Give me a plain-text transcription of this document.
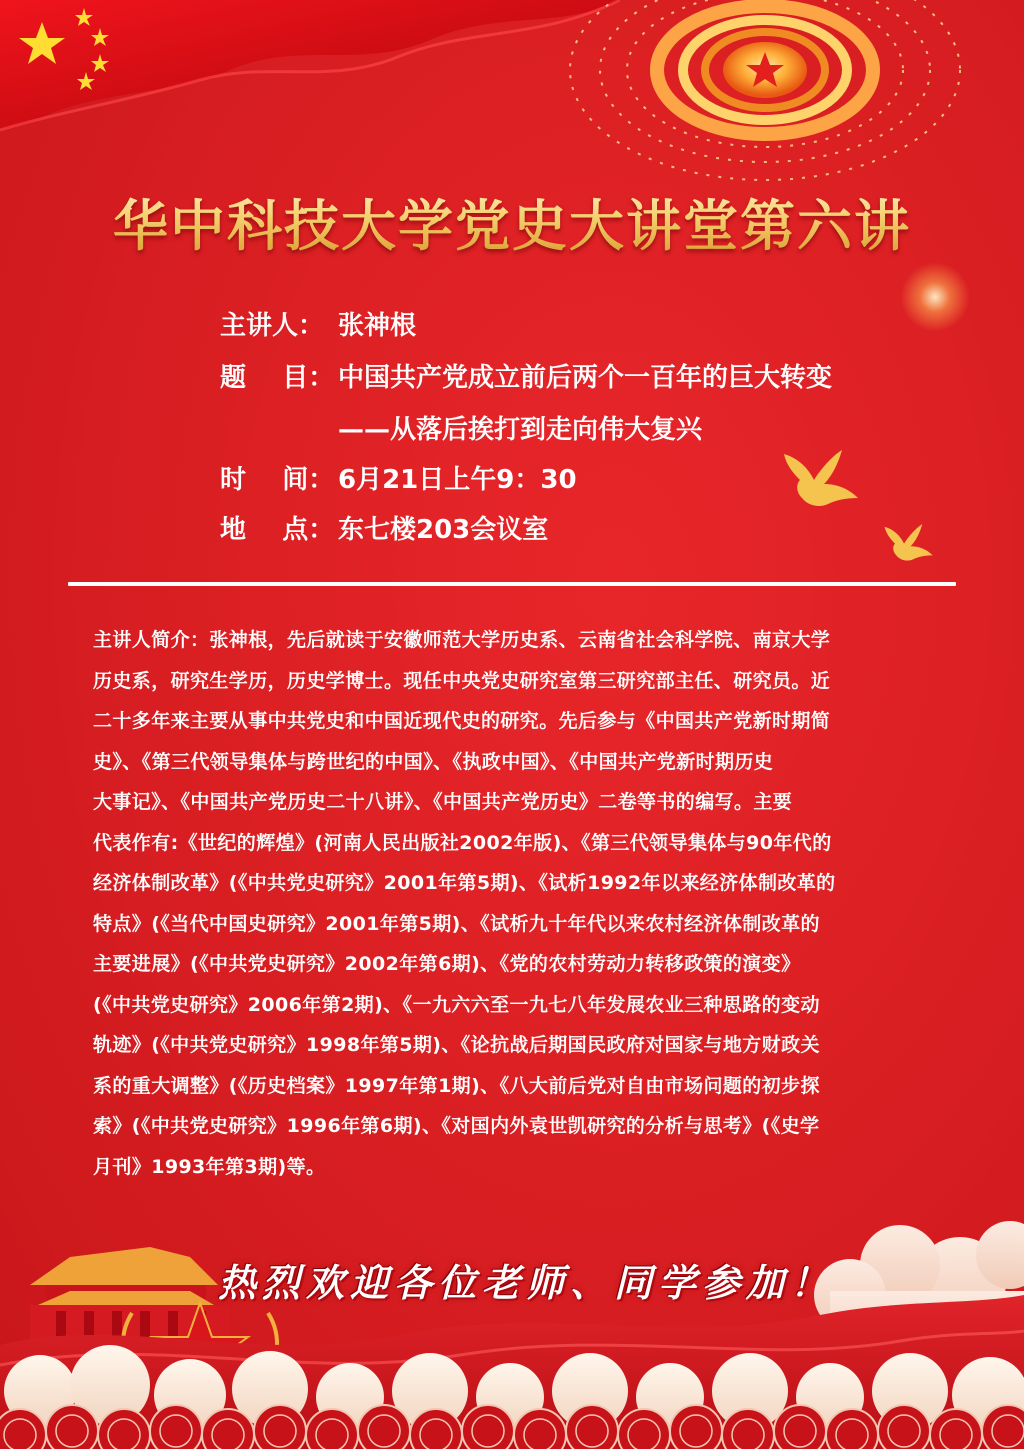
华中科技大学党史大讲堂第六讲
主讲人： 张神根
题    目： 中国共产党成立前后两个一百年的巨大转变
——从落后挨打到走向伟大复兴
时    间： 6月21日上午9：30
地    点： 东七楼203会议室
主讲人简介：张神根，先后就读于安徽师范大学历史系、云南省社会科学院、南京大学
历史系，研究生学历，历史学博士。现任中央党史研究室第三研究部主任、研究员。近
二十多年来主要从事中共党史和中国近现代史的研究。先后参与《中国共产党新时期简
史》、《第三代领导集体与跨世纪的中国》、《执政中国》、《中国共产党新时期历史
大事记》、《中国共产党历史二十八讲》、《中国共产党历史》二卷等书的编写。主要
代表作有:《世纪的辉煌》(河南人民出版社2002年版)、《第三代领导集体与90年代的
经济体制改革》(《中共党史研究》2001年第5期)、《试析1992年以来经济体制改革的
特点》(《当代中国史研究》2001年第5期)、《试析九十年代以来农村经济体制改革的
主要进展》(《中共党史研究》2002年第6期)、《党的农村劳动力转移政策的演变》
(《中共党史研究》2006年第2期)、《一九六六至一九七八年发展农业三种思路的变动
轨迹》(《中共党史研究》1998年第5期)、《论抗战后期国民政府对国家与地方财政关
系的重大调整》(《历史档案》1997年第1期)、《八大前后党对自由市场问题的初步探
索》(《中共党史研究》1996年第6期)、《对国内外袁世凯研究的分析与思考》(《史学
月刊》1993年第3期)等。
热烈欢迎各位老师、同学参加！
